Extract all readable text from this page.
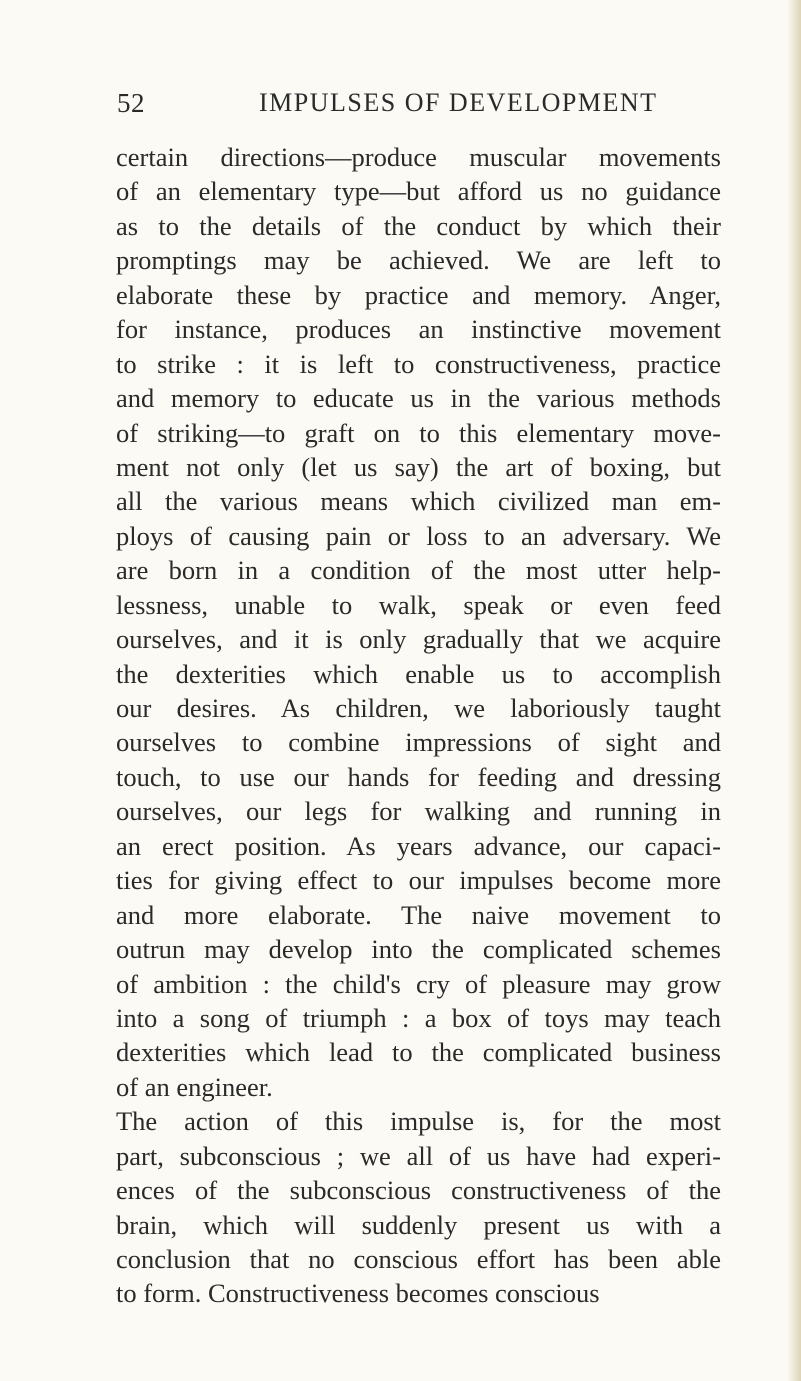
52	IMPULSES OF DEVELOPMENT
certain directions—produce muscular movements
of an elementary type—but afford us no guidance
as to the details of the conduct by which their
promptings may be achieved. We are left to
elaborate these by practice and memory. Anger,
for instance, produces an instinctive movement
to strike : it is left to constructiveness, practice
and memory to educate us in the various methods
of striking—to graft on to this elementary move-
ment not only (let us say) the art of boxing, but
all the various means which civilized man em-
ploys of causing pain or loss to an adversary. We
are born in a condition of the most utter help-
lessness, unable to walk, speak or even feed
ourselves, and it is only gradually that we acquire
the dexterities which enable us to accomplish
our desires. As children, we laboriously taught
ourselves to combine impressions of sight and
touch, to use our hands for feeding and dressing
ourselves, our legs for walking and running in
an erect position. As years advance, our capaci-
ties for giving effect to our impulses become more
and more elaborate. The naive movement to
outrun may develop into the complicated schemes
of ambition : the child's cry of pleasure may grow
into a song of triumph : a box of toys may teach
dexterities which lead to the complicated business
of an engineer.
The action of this impulse is, for the most
part, subconscious ; we all of us have had experi-
ences of the subconscious constructiveness of the
brain, which will suddenly present us with a
conclusion that no conscious effort has been able
to form. Constructiveness becomes conscious
